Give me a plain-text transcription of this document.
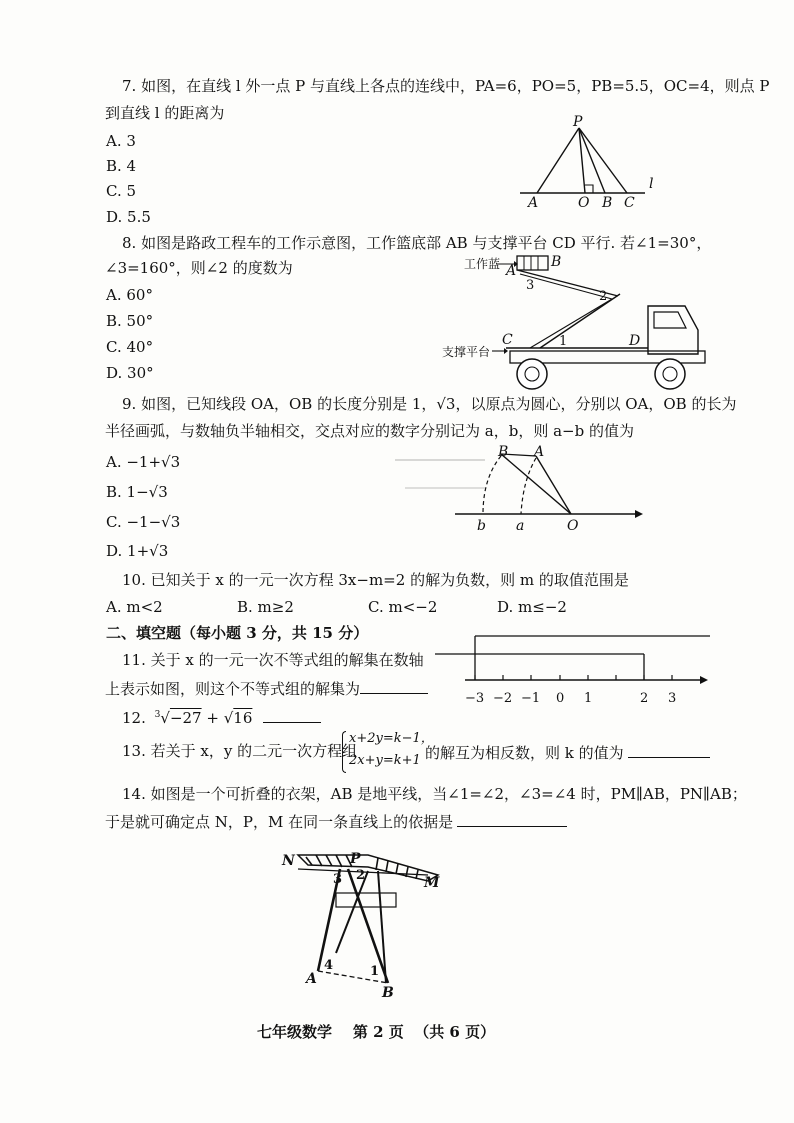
7. 如图，在直线 l 外一点 P 与直线上各点的连线中，PA=6，PO=5，PB=5.5，OC=4，则点 P
到直线 l 的距离为
A. 3
B. 4
C. 5
D. 5.5
P
A	O B C
l
8. 如图是路政工程车的工作示意图，工作篮底部 AB 与支撑平台 CD 平行. 若∠1=30°，
∠3=160°，则∠2 的度数为
A. 60°
B. 50°
C. 40°
D. 30°
工作蓝 A
B
3
2
1
C	D
支撑平台
9. 如图，已知线段 OA，OB 的长度分别是 1，√3，以原点为圆心，分别以 OA，OB 的长为
半径画弧，与数轴负半轴相交，交点对应的数字分别记为 a，b，则 a−b 的值为
A. −1+√3
B. 1−√3
C. −1−√3
D. 1+√3
B A
b a	O
10. 已知关于 x 的一元一次方程 3x−m=2 的解为负数，则 m 的取值范围是
A. m<2	B. m≥2	C. m<−2	D. m≤−2
二、填空题（每小题 3 分，共 15 分）
11. 关于 x 的一元一次不等式组的解集在数轴
上表示如图，则这个不等式组的解集为
−3 −2 −1 0 1	2 3
12. $^3$√−27 + √16
13. 若关于 x，y 的二元一次方程组
x+2y=k−1，
2x+y=k+1 的解互为相反数，则 k 的值为
14. 如图是一个可折叠的衣架，AB 是地平线，当∠1=∠2，∠3=∠4 时，PM∥AB，PN∥AB；
于是就可确定点 N，P，M 在同一条直线上的依据是
N	P
M
3 2
4	1
A
B
七年级数学    第 2 页  （共 6 页）
